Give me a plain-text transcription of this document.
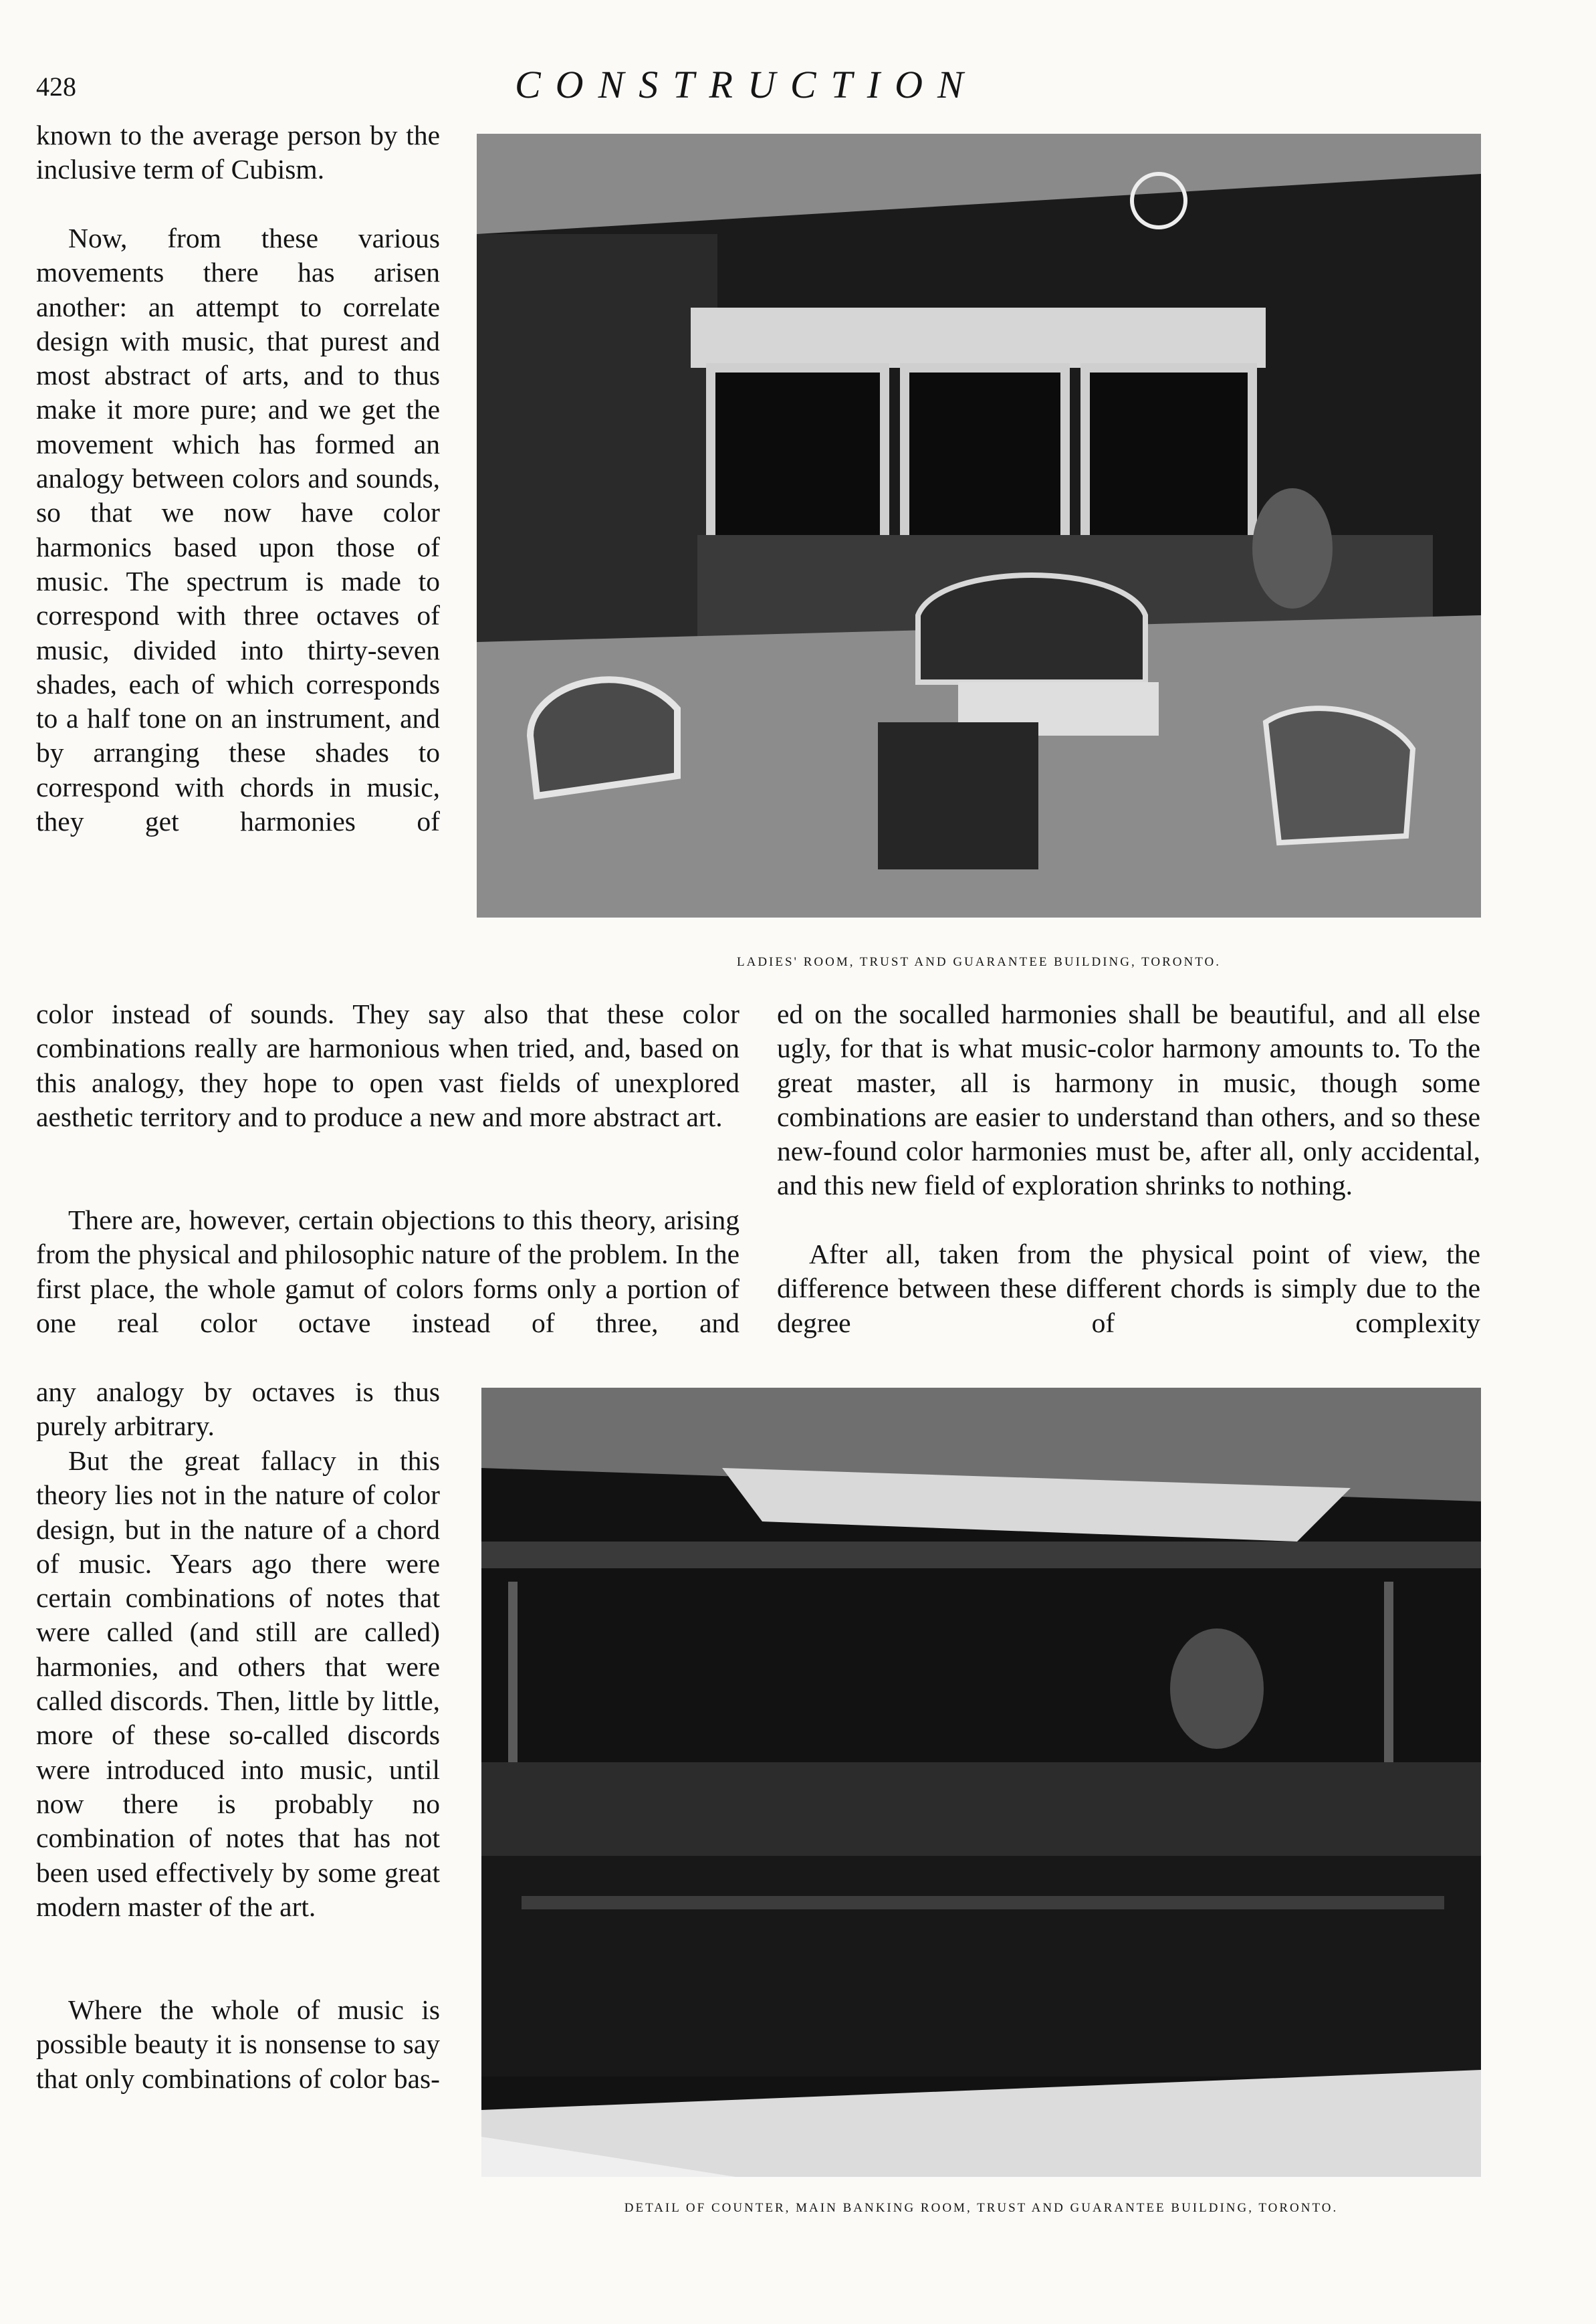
428	CONSTRUCTION

known to the average person by the inclusive term of Cubism.

Now, from these various movements there has arisen another: an attempt to correlate design with music, that purest and most abstract of arts, and to thus make it more pure; and we get the movement which has formed an analogy between colors and sounds, so that we now have color harmonics based upon those of music. The spectrum is made to correspond with three octaves of music, divided into thirty-seven shades, each of which corresponds to a half tone on an instrument, and by arranging these shades to correspond with chords in music, they get harmonies of

LADIES' ROOM, TRUST AND GUARANTEE BUILDING, TORONTO.

color instead of sounds. They say also that these color combinations really are harmonious when tried, and, based on this analogy, they hope to open vast fields of unexplored aesthetic territory and to produce a new and more abstract art.

There are, however, certain objections to this theory, arising from the physical and philosophic nature of the problem. In the first place, the whole gamut of colors forms only a portion of one real color octave instead of three, and

ed on the socalled harmonies shall be beautiful, and all else ugly, for that is what music-color harmony amounts to. To the great master, all is harmony in music, though some combinations are easier to understand than others, and so these new-found color harmonies must be, after all, only accidental, and this new field of exploration shrinks to nothing.

After all, taken from the physical point of view, the difference between these different chords is simply due to the degree of complexity

any analogy by octaves is thus purely arbitrary.

But the great fallacy in this theory lies not in the nature of color design, but in the nature of a chord of music. Years ago there were certain combinations of notes that were called (and still are called) harmonies, and others that were called discords. Then, little by little, more of these so-called discords were introduced into music, until now there is probably no combination of notes that has not been used effectively by some great modern master of the art.

Where the whole of music is possible beauty it is nonsense to say that only combinations of color bas-

DETAIL OF COUNTER, MAIN BANKING ROOM, TRUST AND GUARANTEE BUILDING, TORONTO.
